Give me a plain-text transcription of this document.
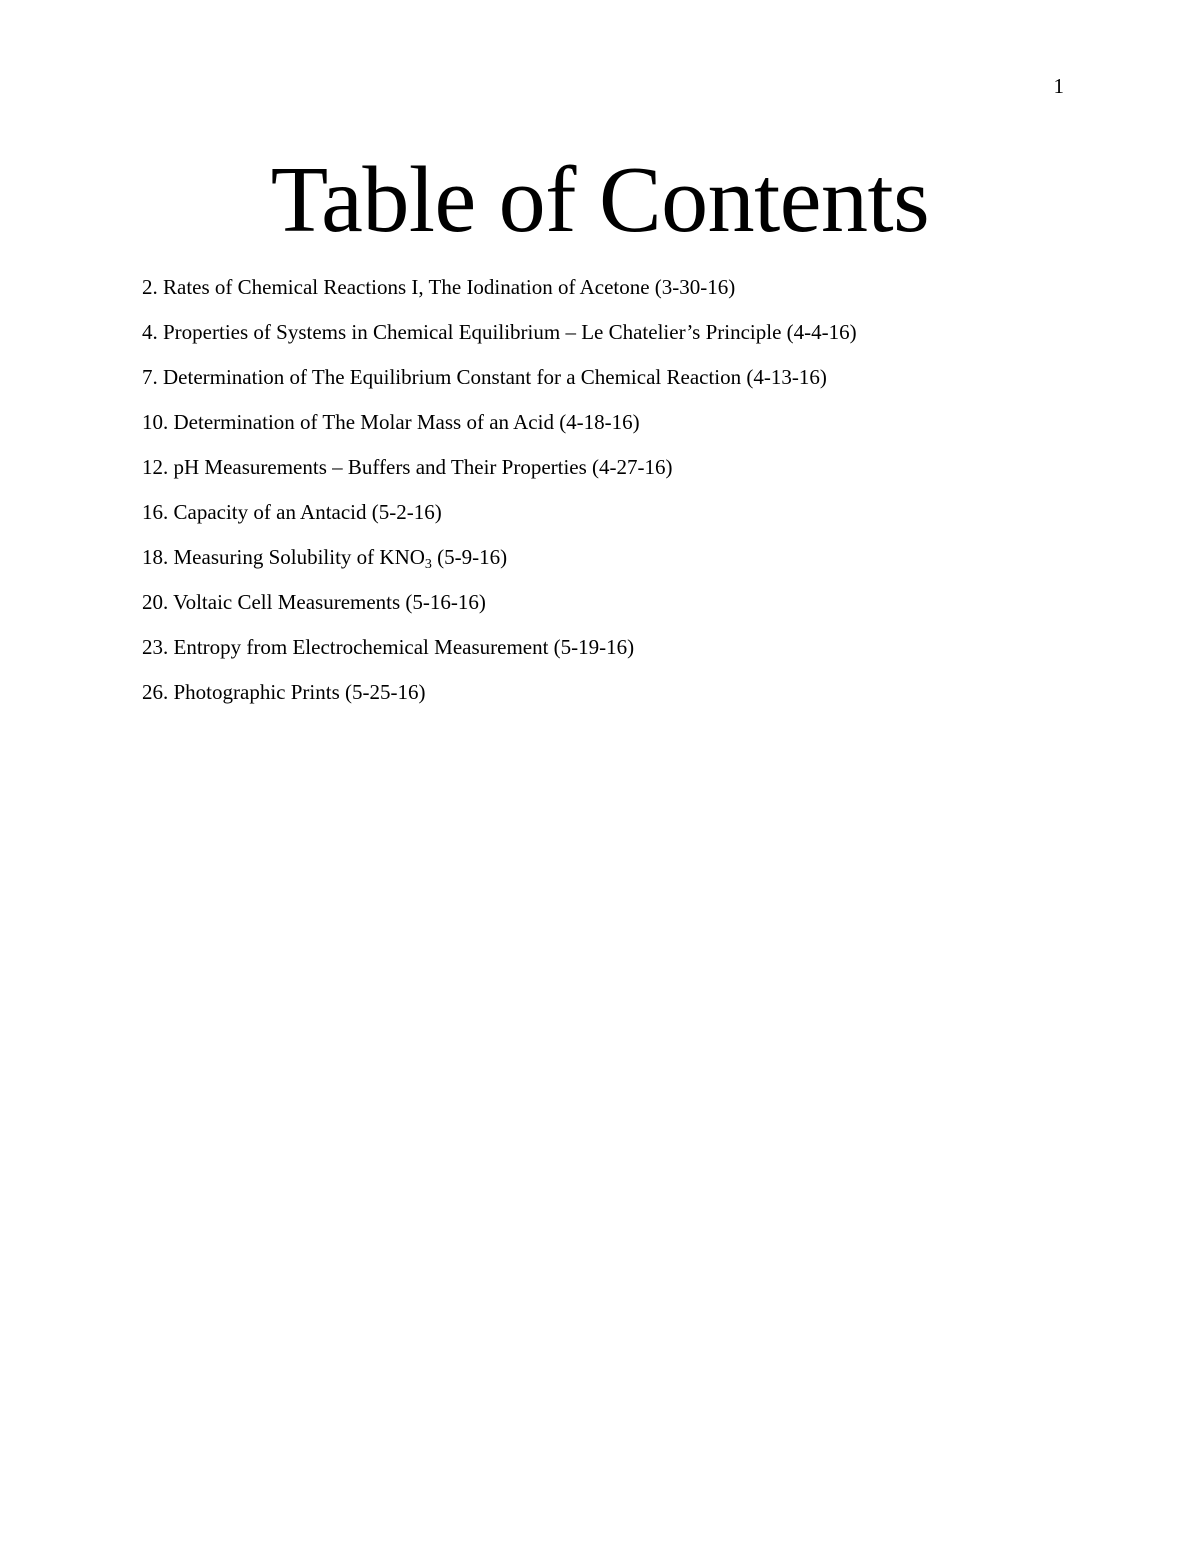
1
Table of Contents
2. Rates of Chemical Reactions I, The Iodination of Acetone (3-30-16)
4. Properties of Systems in Chemical Equilibrium – Le Chatelier’s Principle (4-4-16)
7. Determination of The Equilibrium Constant for a Chemical Reaction (4-13-16)
10. Determination of The Molar Mass of an Acid (4-18-16)
12. pH Measurements – Buffers and Their Properties (4-27-16)
16. Capacity of an Antacid (5-2-16)
18. Measuring Solubility of $KNO_3$ (5-9-16)
20. Voltaic Cell Measurements (5-16-16)
23. Entropy from Electrochemical Measurement (5-19-16)
26. Photographic Prints (5-25-16)
